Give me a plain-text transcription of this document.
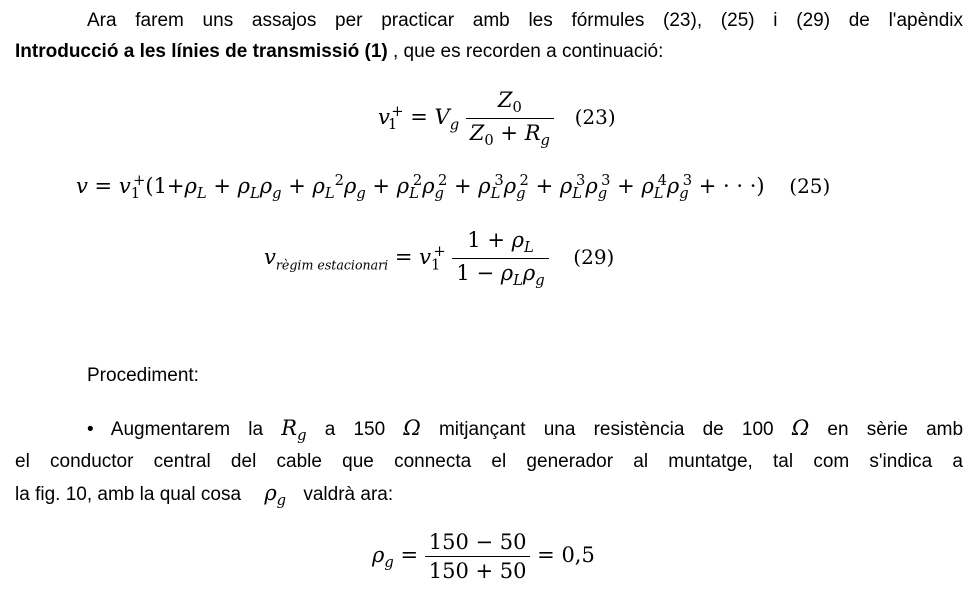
Ara farem uns assajos per practicar amb les fórmules (23), (25) i (29) de l'apèndix
Introducció a les línies de transmissió (1) , que es recorden a continuació:
$v_1^+ = V_g \frac{Z_0}{Z_0 + R_g} (23)$
$v = v_1^+(1+\rho_L + \rho_L\rho_g + \rho_L^2\rho_g + \rho_L^2\rho_g^2 + \rho_L^3\rho_g^2 + \rho_L^3\rho_g^3 + \rho_L^4\rho_g^3$ + · · ·) (25)
$v_{règim estacionari} = v_1^+ \frac{1 + \rho_L}{1 - \rho_L\rho_g} (29)$
Procediment:
• Augmentarem la $R_g$ a 150 Ω mitjançant una resistència de 100 Ω en sèrie amb
el conductor central del cable que connecta el generador al muntatge, tal com s'indica a
la fig. 10, amb la qual cosa $\rho_g$ valdrà ara:
$\rho_g = \frac{150 - 50}{150 + 50} = 0,5$
